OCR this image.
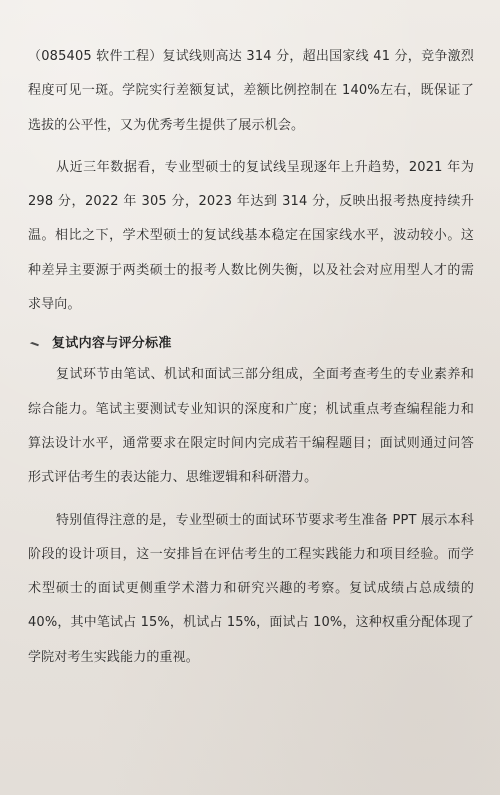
（085405 软件工程）复试线则高达 314 分，超出国家线 41 分，竞争激烈程度可见一斑。学院实行差额复试，差额比例控制在 140%左右，既保证了选拔的公平性，又为优秀考生提供了展示机会。

从近三年数据看，专业型硕士的复试线呈现逐年上升趋势，2021 年为 298 分，2022 年 305 分，2023 年达到 314 分，反映出报考热度持续升温。相比之下，学术型硕士的复试线基本稳定在国家线水平，波动较小。这种差异主要源于两类硕士的报考人数比例失衡，以及社会对应用型人才的需求导向。

复试内容与评分标准

复试环节由笔试、机试和面试三部分组成，全面考查考生的专业素养和综合能力。笔试主要测试专业知识的深度和广度；机试重点考查编程能力和算法设计水平，通常要求在限定时间内完成若干编程题目；面试则通过问答形式评估考生的表达能力、思维逻辑和科研潜力。

特别值得注意的是，专业型硕士的面试环节要求考生准备 PPT 展示本科阶段的设计项目，这一安排旨在评估考生的工程实践能力和项目经验。而学术型硕士的面试更侧重学术潜力和研究兴趣的考察。复试成绩占总成绩的 40%，其中笔试占 15%，机试占 15%，面试占 10%，这种权重分配体现了学院对考生实践能力的重视。
